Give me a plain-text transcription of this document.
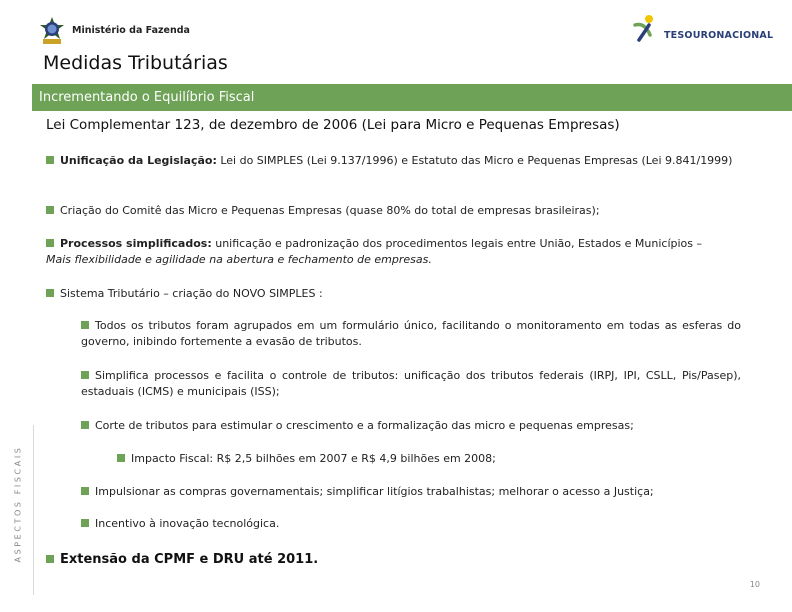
Ministério da Fazenda	TESOURONACIONAL
Medidas Tributárias
Incrementando o Equilíbrio Fiscal
Lei Complementar 123, de dezembro de 2006 (Lei para Micro e Pequenas Empresas)
Unificação da Legislação: Lei do SIMPLES (Lei 9.137/1996) e Estatuto das Micro e Pequenas Empresas (Lei 9.841/1999)
Criação do Comitê das Micro e Pequenas Empresas (quase 80% do total de empresas brasileiras);
Processos simplificados: unificação e padronização dos procedimentos legais entre União, Estados e Municípios –
Mais flexibilidade e agilidade na abertura e fechamento de empresas.
Sistema Tributário – criação do NOVO SIMPLES :
Todos os tributos foram agrupados em um formulário único, facilitando o monitoramento em todas as esferas do governo, inibindo fortemente a evasão de tributos.
Simplifica processos e facilita o controle de tributos: unificação dos tributos federais (IRPJ, IPI, CSLL, Pis/Pasep), estaduais (ICMS) e municipais (ISS);
Corte de tributos para estimular o crescimento e a formalização das micro e pequenas empresas;
Impacto Fiscal: R$ 2,5 bilhões em 2007 e R$ 4,9 bilhões em 2008;
Impulsionar as compras governamentais; simplificar litígios trabalhistas; melhorar o acesso a Justiça;
Incentivo à inovação tecnológica.
Extensão da CPMF e DRU até 2011.
ASPECTOS FISCAIS
10
